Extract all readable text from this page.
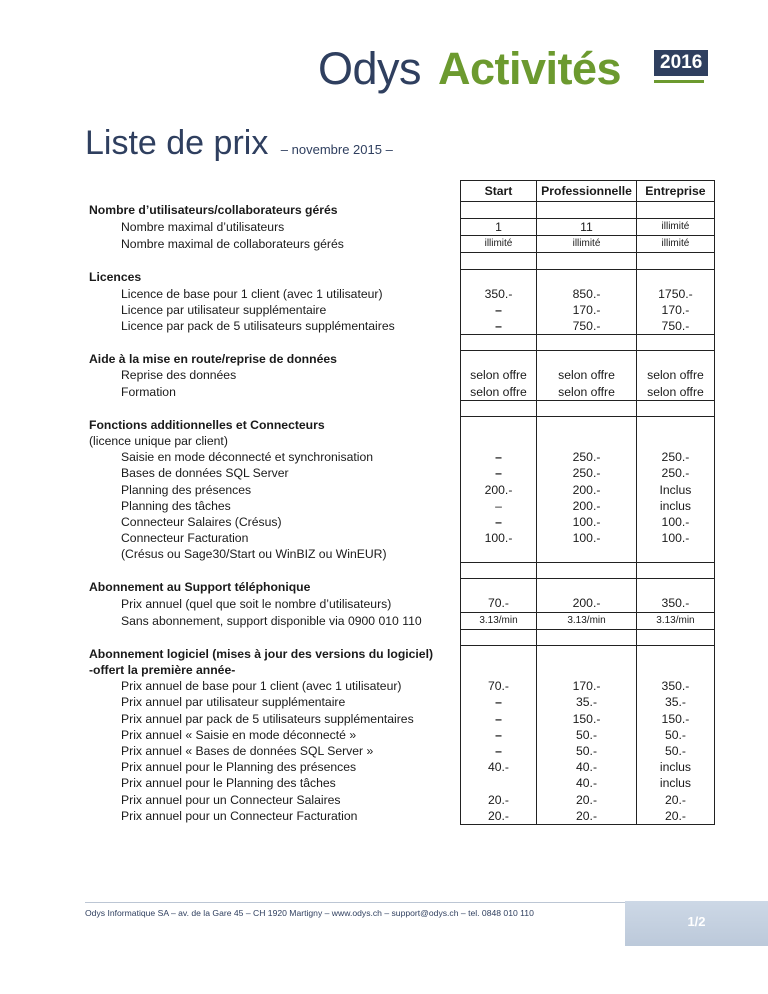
Odys Activités	2016
Liste de prix – novembre 2015 –
	Start	Professionnelle	Entreprise
Nombre d’utilisateurs/collaborateurs gérés			
Nombre maximal d’utilisateurs	1	11	illimité
Nombre maximal de collaborateurs gérés	illimité	illimité	illimité

Licences			
Licence de base pour 1 client (avec 1 utilisateur)	350.-	850.-	1750.-
Licence par utilisateur supplémentaire	–	170.-	170.-
Licence par pack de 5 utilisateurs supplémentaires	–	750.-	750.-

Aide à la mise en route/reprise de données			
Reprise des données	selon offre	selon offre	selon offre
Formation	selon offre	selon offre	selon offre

Fonctions additionnelles et Connecteurs			
(licence unique par client)			
Saisie en mode déconnecté et synchronisation	–	250.-	250.-
Bases de données SQL Server	–	250.-	250.-
Planning des présences	200.-	200.-	Inclus
Planning des tâches	–	200.-	inclus
Connecteur Salaires (Crésus)	–	100.-	100.-
Connecteur Facturation	100.-	100.-	100.-
(Crésus ou Sage30/Start ou WinBIZ ou WinEUR)			

Abonnement au Support téléphonique			
Prix annuel (quel que soit le nombre d’utilisateurs)	70.-	200.-	350.-
Sans abonnement, support disponible via 0900 010 110	3.13/min	3.13/min	3.13/min

Abonnement logiciel (mises à jour des versions du logiciel)			
-offert la première année-			
Prix annuel de base pour 1 client (avec 1 utilisateur)	70.-	170.-	350.-
Prix annuel par utilisateur supplémentaire	–	35.-	35.-
Prix annuel par pack de 5 utilisateurs supplémentaires	–	150.-	150.-
Prix annuel « Saisie en mode déconnecté »	–	50.-	50.-
Prix annuel « Bases de données SQL Server »	–	50.-	50.-
Prix annuel pour le Planning des présences	40.-	40.-	inclus
Prix annuel pour le Planning des tâches		40.-	inclus
Prix annuel pour un Connecteur Salaires	20.-	20.-	20.-
Prix annuel pour un Connecteur Facturation	20.-	20.-	20.-
Odys Informatique SA – av. de la Gare 45 – CH 1920 Martigny – www.odys.ch – support@odys.ch – tel. 0848 010 110
1/2
